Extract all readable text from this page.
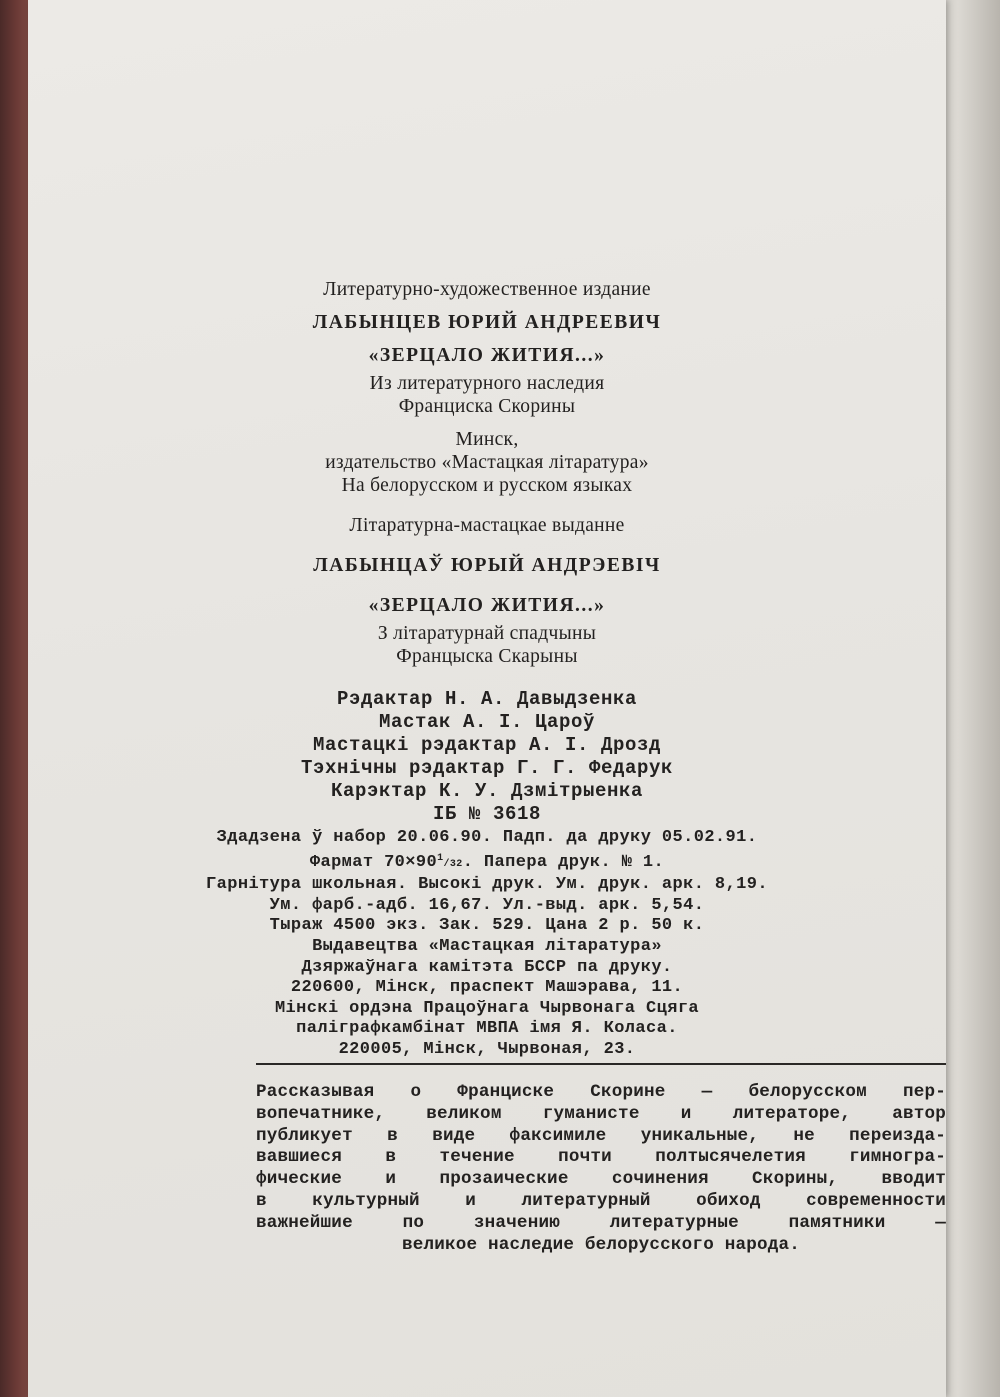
Литературно-художественное издание
ЛАБЫНЦЕВ ЮРИЙ АНДРЕЕВИЧ
«ЗЕРЦАЛО ЖИТИЯ...»
Из литературного наследия
Франциска Скорины
Минск,
издательство «Мастацкая літаратура»
На белорусском и русском языках
Літаратурна-мастацкае выданне
ЛАБЫНЦАЎ ЮРЫЙ АНДРЭЕВІЧ
«ЗЕРЦАЛО ЖИТИЯ...»
З літаратурнай спадчыны
Францыска Скарыны
Рэдактар Н. А. Давыдзенка
Мастак А. І. Цароў
Мастацкі рэдактар А. І. Дрозд
Тэхнічны рэдактар Г. Г. Федарук
Карэктар К. У. Дзмітрыенка
ІБ № 3618
Здадзена ў набор 20.06.90. Падп. да друку 05.02.91.
Фармат $70\times 90^1/32$. Папера друк. № 1.
Гарнітура школьная. Высокі друк. Ум. друк. арк. 8,19.
Ум. фарб.-адб. 16,67. Ул.-выд. арк. 5,54.
Тыраж 4500 экз. Зак. 529. Цана 2 р. 50 к.
Выдавецтва «Мастацкая літаратура»
Дзяржаўнага камітэта БССР па друку.
220600, Мінск, праспект Машэрава, 11.
Мінскі ордэна Працоўнага Чырвонага Сцяга
паліграфкамбінат МВПА імя Я. Коласа.
220005, Мінск, Чырвоная, 23.
Рассказывая о Франциске Скорине — белорусском пер-
вопечатнике, великом гуманисте и литераторе, автор
публикует в виде факсимиле уникальные, не переизда-
вавшиеся в течение почти полтысячелетия гимногра-
фические и прозаические сочинения Скорины, вводит
в культурный и литературный обиход современности
важнейшие по значению литературные памятники —
великое наследие белорусского народа.
